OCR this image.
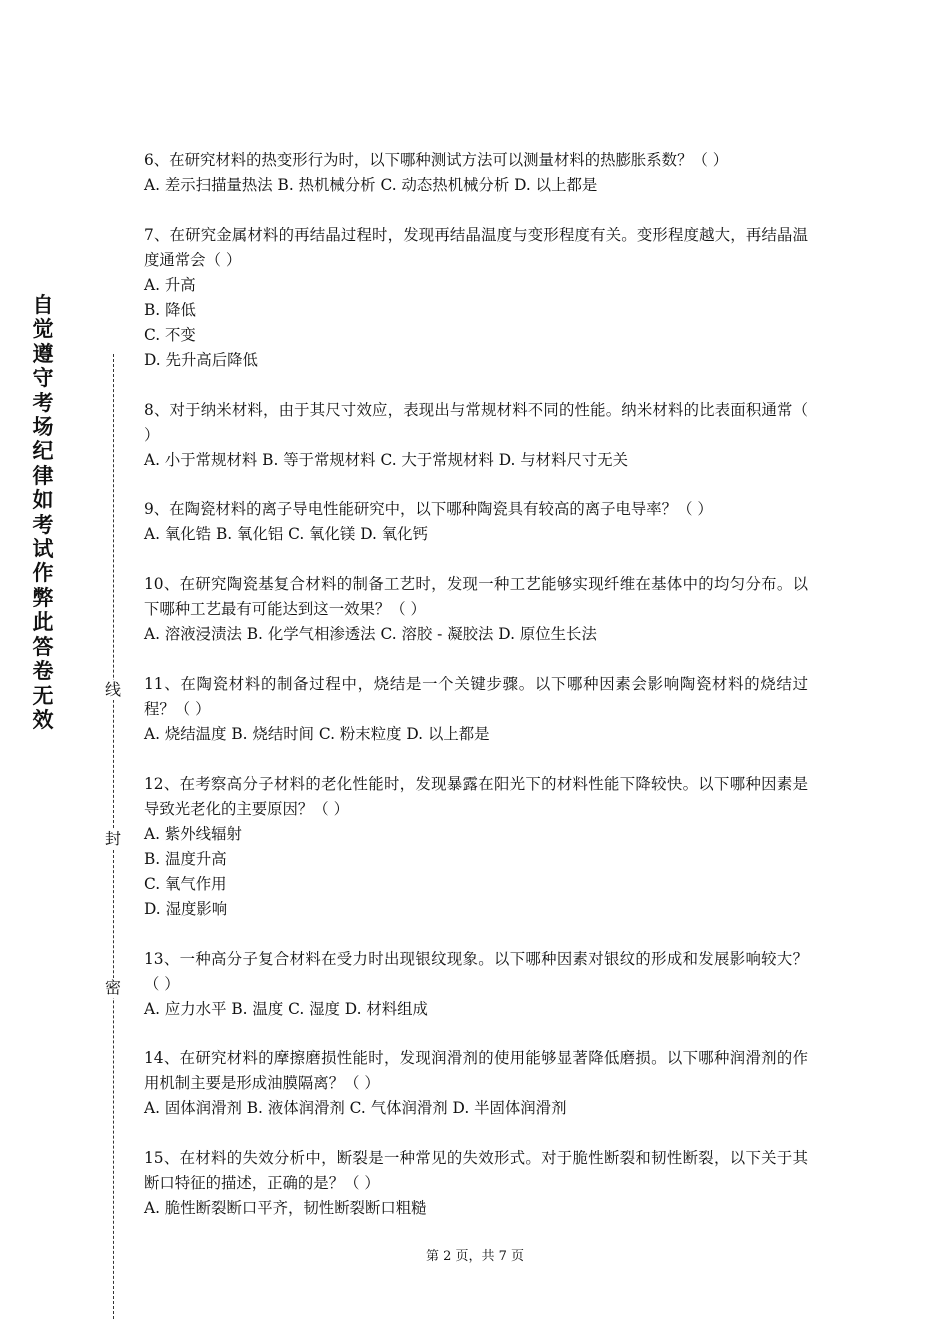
自觉遵守考场纪律如考试作弊此答卷无效
线
封
密
6、在研究材料的热变形行为时，以下哪种测试方法可以测量材料的热膨胀系数？（ ）
A. 差示扫描量热法 B. 热机械分析 C. 动态热机械分析 D. 以上都是
7、在研究金属材料的再结晶过程时，发现再结晶温度与变形程度有关。变形程度越大，再结晶温度通常会（ ）
A. 升高
B. 降低
C. 不变
D. 先升高后降低
8、对于纳米材料，由于其尺寸效应，表现出与常规材料不同的性能。纳米材料的比表面积通常（ ）
A. 小于常规材料 B. 等于常规材料 C. 大于常规材料 D. 与材料尺寸无关
9、在陶瓷材料的离子导电性能研究中，以下哪种陶瓷具有较高的离子电导率？（ ）
A. 氧化锆 B. 氧化铝 C. 氧化镁 D. 氧化钙
10、在研究陶瓷基复合材料的制备工艺时，发现一种工艺能够实现纤维在基体中的均匀分布。以下哪种工艺最有可能达到这一效果？（ ）
A. 溶液浸渍法 B. 化学气相渗透法 C. 溶胶 - 凝胶法 D. 原位生长法
11、在陶瓷材料的制备过程中，烧结是一个关键步骤。以下哪种因素会影响陶瓷材料的烧结过程？（ ）
A. 烧结温度 B. 烧结时间 C. 粉末粒度 D. 以上都是
12、在考察高分子材料的老化性能时，发现暴露在阳光下的材料性能下降较快。以下哪种因素是导致光老化的主要原因？（ ）
A. 紫外线辐射
B. 温度升高
C. 氧气作用
D. 湿度影响
13、一种高分子复合材料在受力时出现银纹现象。以下哪种因素对银纹的形成和发展影响较大？（ ）
A. 应力水平 B. 温度 C. 湿度 D. 材料组成
14、在研究材料的摩擦磨损性能时，发现润滑剂的使用能够显著降低磨损。以下哪种润滑剂的作用机制主要是形成油膜隔离？（ ）
A. 固体润滑剂 B. 液体润滑剂 C. 气体润滑剂 D. 半固体润滑剂
15、在材料的失效分析中，断裂是一种常见的失效形式。对于脆性断裂和韧性断裂，以下关于其断口特征的描述，正确的是？（ ）
A. 脆性断裂断口平齐，韧性断裂断口粗糙
第 2 页，共 7 页
